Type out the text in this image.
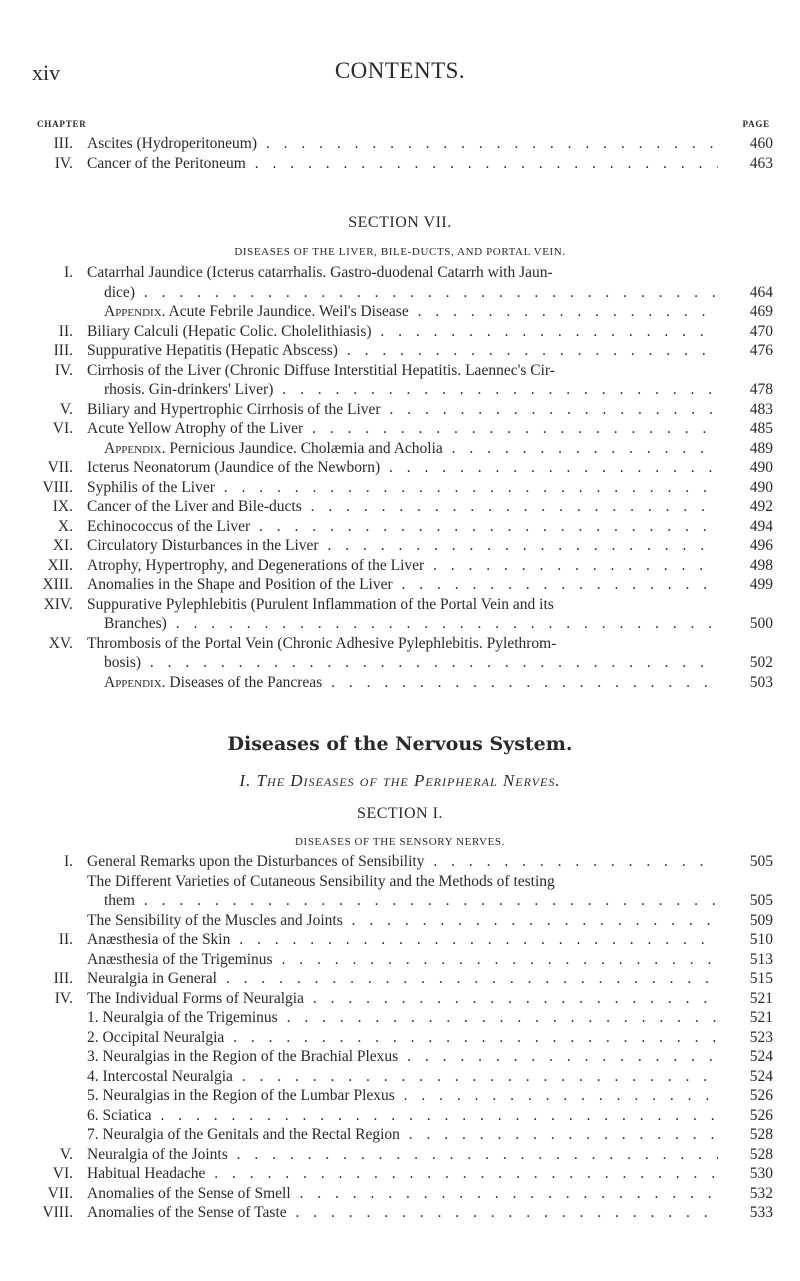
xiv	CONTENTS.
CHAPTER	PAGE
III. Ascites (Hydroperitoneum) . . .	460
IV. Cancer of the Peritoneum . . .	463
SECTION VII.
DISEASES OF THE LIVER, BILE-DUCTS, AND PORTAL VEIN.
I. Catarrhal Jaundice (Icterus catarrhalis. Gastro-duodenal Catarrh with Jaun-
dice) . . .	464
Appendix. Acute Febrile Jaundice. Weil's Disease . . .	469
II. Biliary Calculi (Hepatic Colic. Cholelithiasis) . . .	470
III. Suppurative Hepatitis (Hepatic Abscess) . . .	476
IV. Cirrhosis of the Liver (Chronic Diffuse Interstitial Hepatitis. Laennec's Cir-
rhosis. Gin-drinkers' Liver) . . .	478
V. Biliary and Hypertrophic Cirrhosis of the Liver . . .	483
VI. Acute Yellow Atrophy of the Liver . . .	485
Appendix. Pernicious Jaundice. Cholæmia and Acholia . . .	489
VII. Icterus Neonatorum (Jaundice of the Newborn) . . .	490
VIII. Syphilis of the Liver . . .	490
IX. Cancer of the Liver and Bile-ducts . . .	492
X. Echinococcus of the Liver . . .	494
XI. Circulatory Disturbances in the Liver . . .	496
XII. Atrophy, Hypertrophy, and Degenerations of the Liver . . .	498
XIII. Anomalies in the Shape and Position of the Liver . . .	499
XIV. Suppurative Pylephlebitis (Purulent Inflammation of the Portal Vein and its
Branches) . . .	500
XV. Thrombosis of the Portal Vein (Chronic Adhesive Pylephlebitis. Pylethrom-
bosis) . . .	502
Appendix. Diseases of the Pancreas . . .	503
Diseases of the Nervous System.
I. The Diseases of the Peripheral Nerves.
SECTION I.
DISEASES OF THE SENSORY NERVES.
I. General Remarks upon the Disturbances of Sensibility . . .	505
The Different Varieties of Cutaneous Sensibility and the Methods of testing
them . . .	505
The Sensibility of the Muscles and Joints . . .	509
II. Anæsthesia of the Skin . . .	510
Anæsthesia of the Trigeminus . . .	513
III. Neuralgia in General . . .	515
IV. The Individual Forms of Neuralgia . . .	521
1. Neuralgia of the Trigeminus . . .	521
2. Occipital Neuralgia . . .	523
3. Neuralgias in the Region of the Brachial Plexus . . .	524
4. Intercostal Neuralgia . . .	524
5. Neuralgias in the Region of the Lumbar Plexus . . .	526
6. Sciatica . . .	526
7. Neuralgia of the Genitals and the Rectal Region . . .	528
V. Neuralgia of the Joints . . .	528
VI. Habitual Headache . . .	530
VII. Anomalies of the Sense of Smell . . .	532
VIII. Anomalies of the Sense of Taste . . .	533
